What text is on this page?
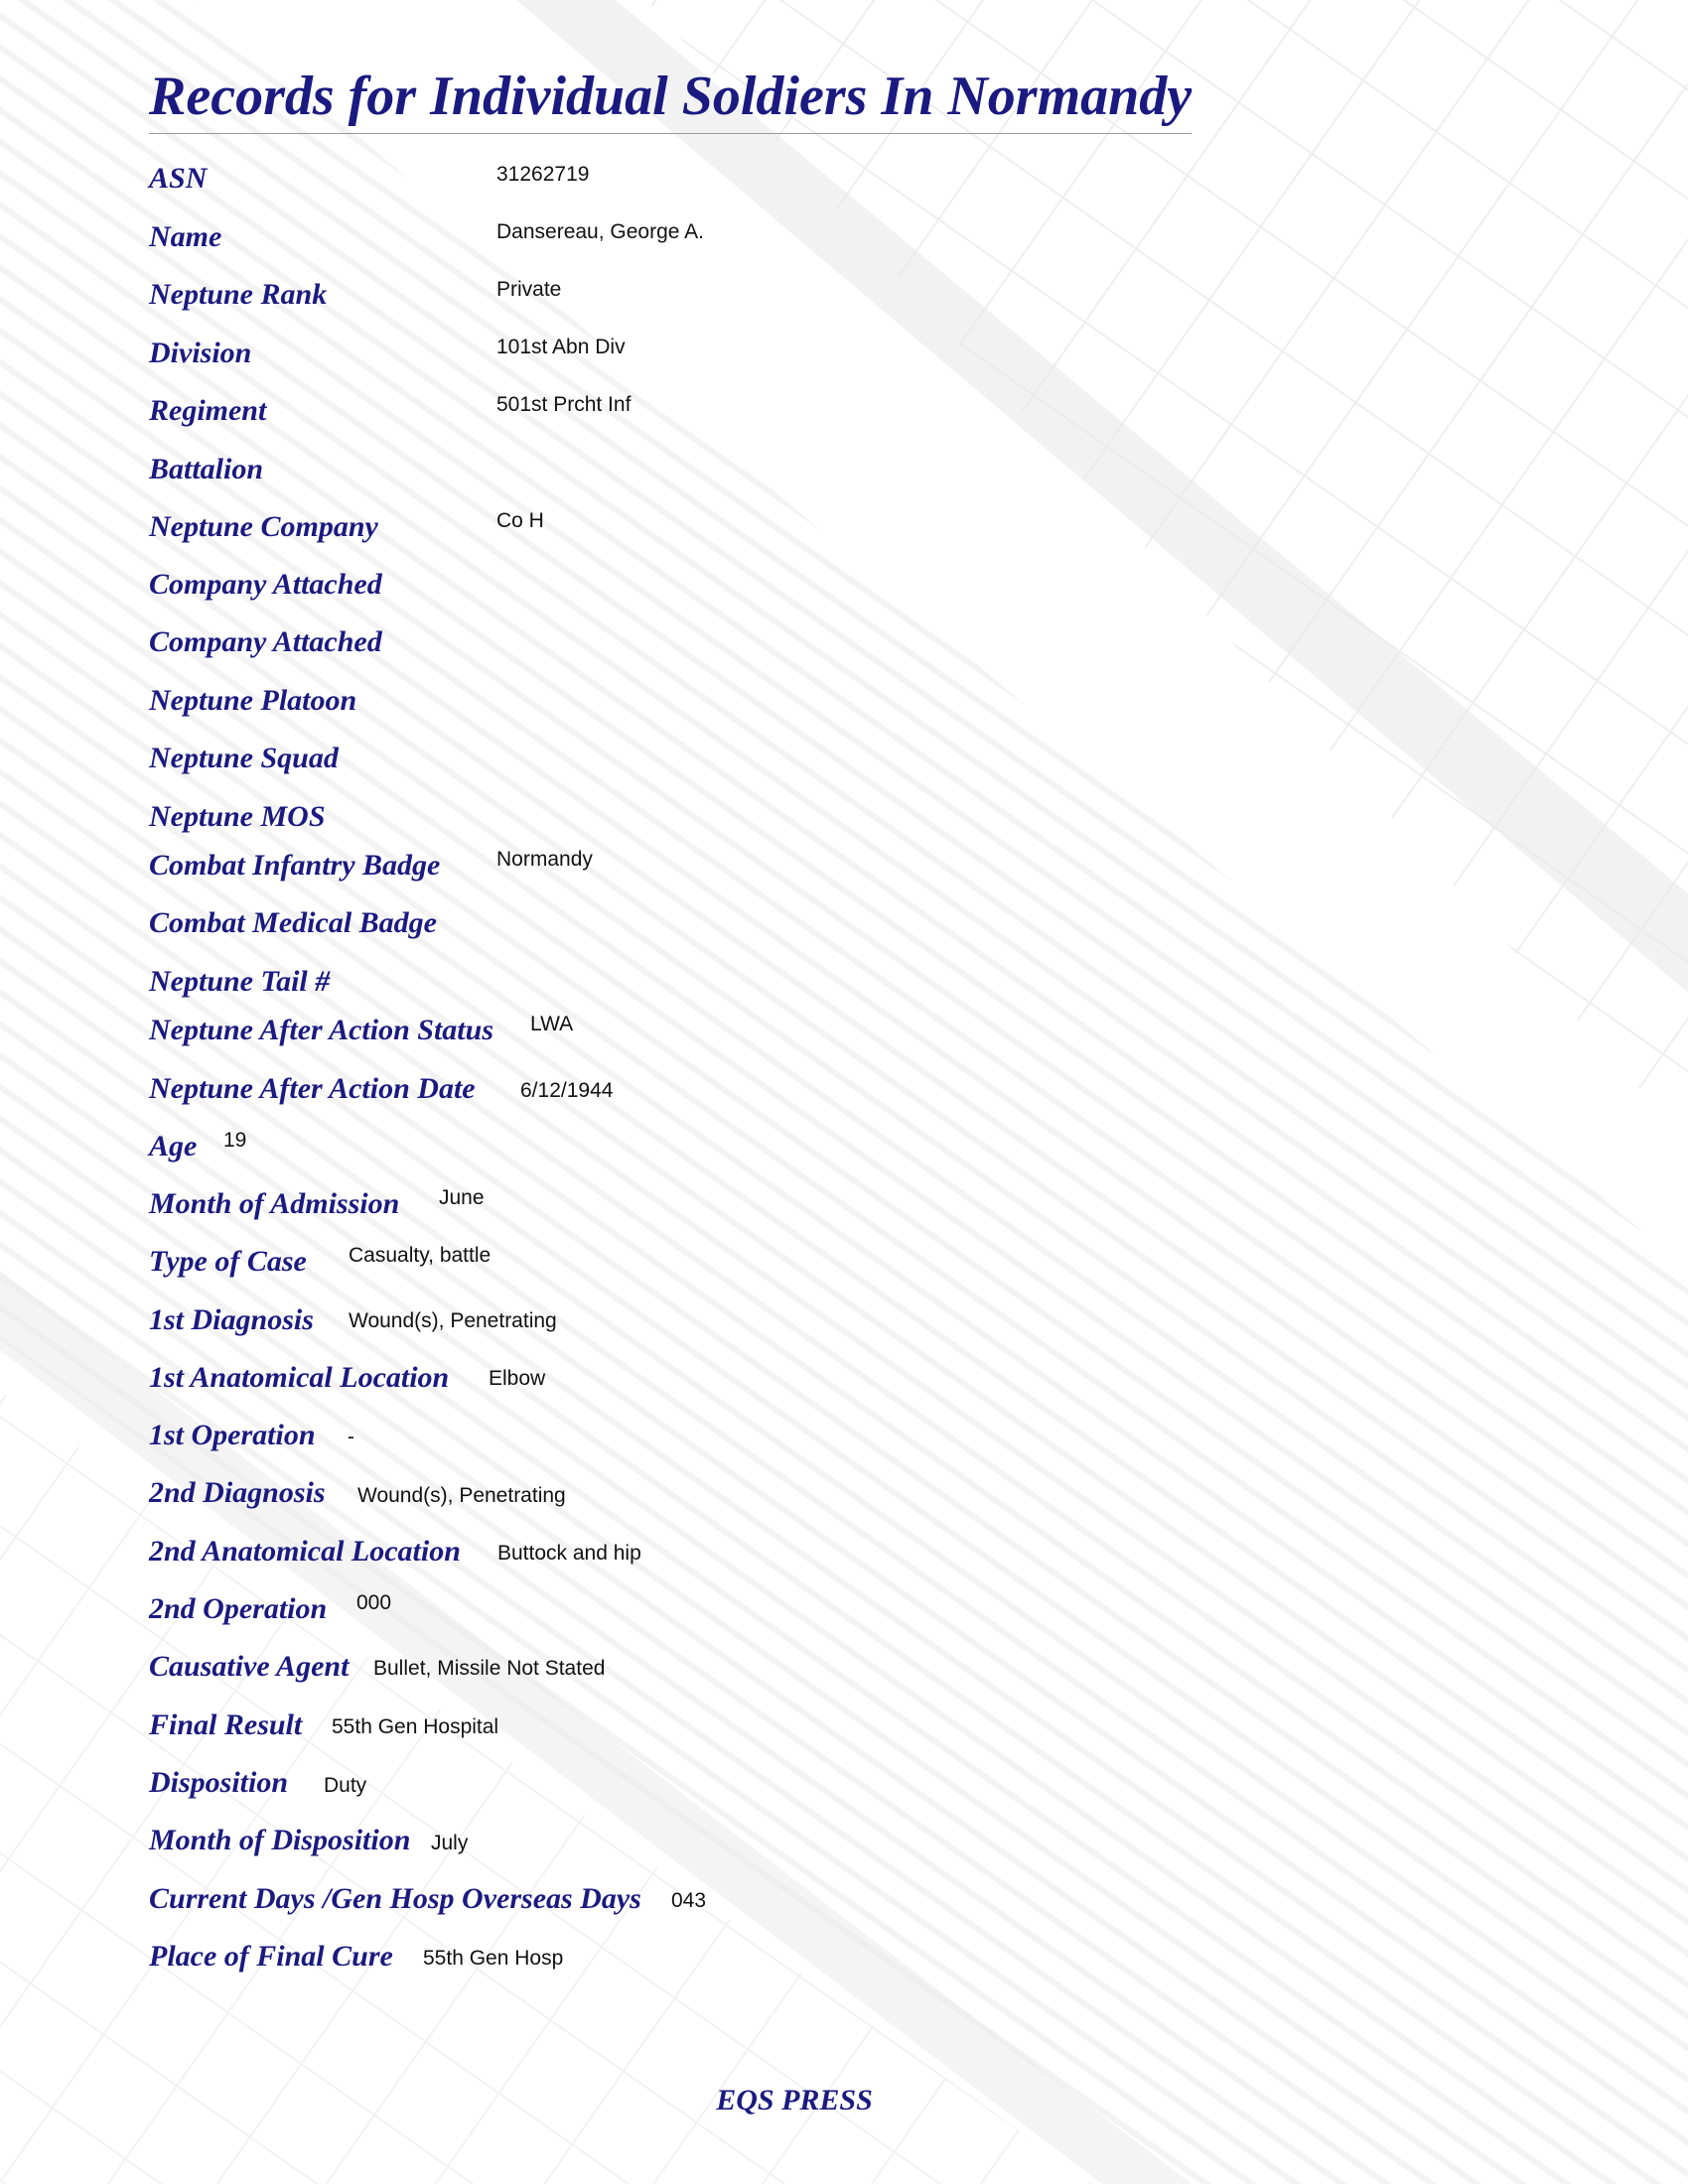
Records for Individual Soldiers In Normandy
ASN	31262719
Name	Dansereau, George A.
Neptune Rank	Private
Division	101st Abn Div
Regiment	501st Prcht Inf
Battalion
Neptune Company	Co H
Company Attached
Company Attached
Neptune Platoon
Neptune Squad
Neptune MOS
Combat Infantry Badge	Normandy
Combat Medical Badge
Neptune Tail #
Neptune After Action Status LWA
Neptune After Action Date 6/12/1944
Age 19
Month of Admission June
Type of Case Casualty, battle
1st Diagnosis Wound(s), Penetrating
1st Anatomical Location Elbow
1st Operation -
2nd Diagnosis Wound(s), Penetrating
2nd Anatomical Location Buttock and hip
2nd Operation 000
Causative Agent Bullet, Missile Not Stated
Final Result 55th Gen Hospital
Disposition Duty
Month of Disposition July
Current Days /Gen Hosp Overseas Days 043
Place of Final Cure 55th Gen Hosp
EQS PRESS
